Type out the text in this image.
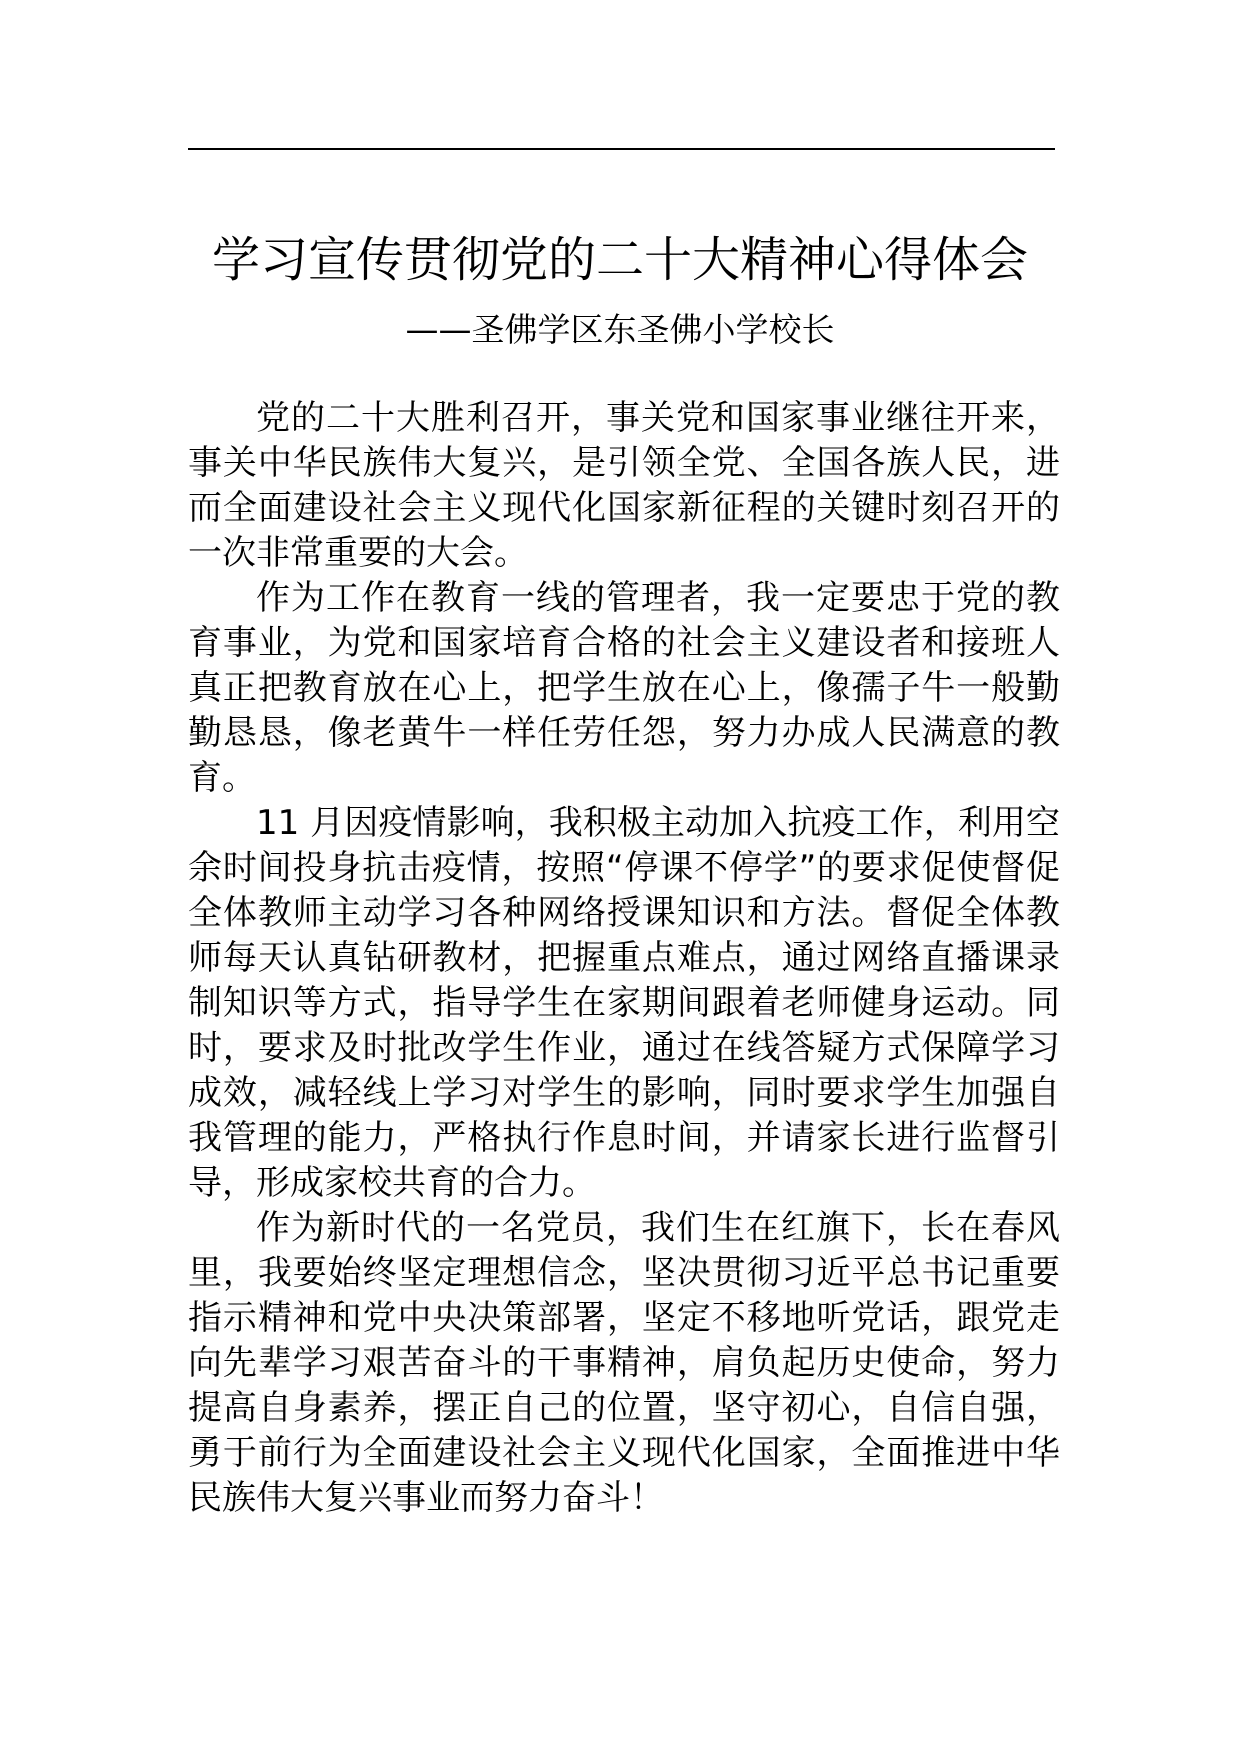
学习宣传贯彻党的二十大精神心得体会
——圣佛学区东圣佛小学校长

党的二十大胜利召开，事关党和国家事业继往开来，事关中华民族伟大复兴，是引领全党、全国各族人民，进而全面建设社会主义现代化国家新征程的关键时刻召开的一次非常重要的大会。

作为工作在教育一线的管理者，我一定要忠于党的教育事业，为党和国家培育合格的社会主义建设者和接班人真正把教育放在心上，把学生放在心上，像孺子牛一般勤勤恳恳，像老黄牛一样任劳任怨，努力办成人民满意的教育。

11 月因疫情影响，我积极主动加入抗疫工作，利用空余时间投身抗击疫情，按照“停课不停学”的要求促使督促全体教师主动学习各种网络授课知识和方法。督促全体教师每天认真钻研教材，把握重点难点，通过网络直播课录制知识等方式，指导学生在家期间跟着老师健身运动。同时，要求及时批改学生作业，通过在线答疑方式保障学习成效，减轻线上学习对学生的影响，同时要求学生加强自我管理的能力，严格执行作息时间，并请家长进行监督引导，形成家校共育的合力。

作为新时代的一名党员，我们生在红旗下，长在春风里，我要始终坚定理想信念，坚决贯彻习近平总书记重要指示精神和党中央决策部署，坚定不移地听党话，跟党走向先辈学习艰苦奋斗的干事精神，肩负起历史使命，努力提高自身素养，摆正自己的位置，坚守初心，自信自强，勇于前行为全面建设社会主义现代化国家，全面推进中华民族伟大复兴事业而努力奋斗！
